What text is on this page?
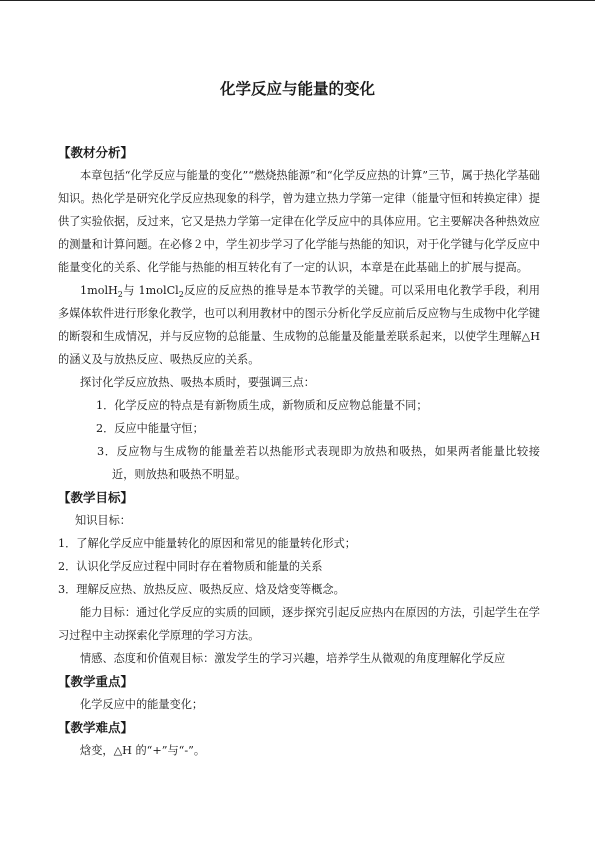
化学反应与能量的变化
【教材分析】

本章包括“化学反应与能量的变化”“燃烧热能源”和“化学反应热的计算”三节，属于热化学基础知识。热化学是研究化学反应热现象的科学，曾为建立热力学第一定律（能量守恒和转换定律）提供了实验依据，反过来，它又是热力学第一定律在化学反应中的具体应用。它主要解决各种热效应的测量和计算问题。在必修２中，学生初步学习了化学能与热能的知识，对于化学键与化学反应中能量变化的关系、化学能与热能的相互转化有了一定的认识，本章是在此基础上的扩展与提高。

1molH$_2$与 1molCl$_2$反应的反应热的推导是本节教学的关键。可以采用电化教学手段，利用多媒体软件进行形象化教学，也可以利用教材中的图示分析化学反应前后反应物与生成物中化学键的断裂和生成情况，并与反应物的总能量、生成物的总能量及能量差联系起来，以使学生理解△H的涵义及与放热反应、吸热反应的关系。

探讨化学反应放热、吸热本质时，要强调三点：

1．化学反应的特点是有新物质生成，新物质和反应物总能量不同；

2．反应中能量守恒；

3．反应物与生成物的能量差若以热能形式表现即为放热和吸热，如果两者能量比较接近，则放热和吸热不明显。

【教学目标】

知识目标：

1．了解化学反应中能量转化的原因和常见的能量转化形式；

2．认识化学反应过程中同时存在着物质和能量的关系

3．理解反应热、放热反应、吸热反应、焓及焓变等概念。

能力目标：通过化学反应的实质的回顾，逐步探究引起反应热内在原因的方法，引起学生在学习过程中主动探索化学原理的学习方法。

情感、态度和价值观目标：激发学生的学习兴趣，培养学生从微观的角度理解化学反应

【教学重点】

化学反应中的能量变化；

【教学难点】

焓变，△H 的“+”与“-”。
